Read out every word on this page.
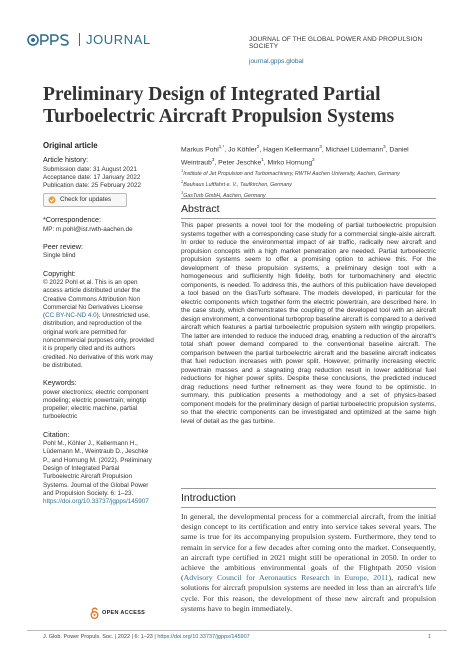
JOURNAL	JOURNAL OF THE GLOBAL POWER AND PROPULSION SOCIETY
journal.gpps.global
Preliminary Design of Integrated Partial Turboelectric Aircraft Propulsion Systems
Original article
Article history:
Submission date: 31 August 2021
Acceptance date: 17 January 2022
Publication date: 25 February 2022
Check for updates
*Correspondence:
MP: m.pohl@ist.rwth-aachen.de
Peer review:
Single blind
Copyright:
© 2022 Pohl et al. This is an open access article distributed under the Creative Commons Attribution Non Commercial No Derivatives License (CC BY-NC-ND 4.0). Unrestricted use, distribution, and reproduction of the original work are permitted for noncommercial purposes only, provided it is properly cited and its authors credited. No derivative of this work may be distributed.
Keywords:
power electronics; electric component modeling; electric powertrain; wingtip propeller; electric machine, partial turboelectric
Citation:
Pohl M., Köhler J., Kellermann H., Lüdemann M., Weintraub D., Jeschke P., and Hornung M. (2022). Preliminary Design of Integrated Partial Turboelectric Aircraft Propulsion Systems. Journal of the Global Power and Propulsion Society. 6: 1–23. https://doi.org/10.33737/jgpps/145907
OPEN ACCESS
Markus Pohl$^{1,*}$, Jo Köhler$^2$, Hagen Kellermann$^3$, Michael Lüdemann$^3$, Daniel Weintraub$^3$, Peter Jeschke$^1$, Mirko Hornung$^2$
$^1$Institute of Jet Propulsion and Turbomachinery, RWTH Aachen University, Aachen, Germany
$^2$Bauhaus Luftfahrt e. V., Taufkirchen, Germany
$^3$GasTurb GmbH, Aachen, Germany
Abstract

This paper presents a novel tool for the modeling of partial turboelectric propulsion systems together with a corresponding case study for a commercial single-aisle aircraft. In order to reduce the environmental impact of air traffic, radically new aircraft and propulsion concepts with a high market penetration are needed. Partial turboelectric propulsion systems seem to offer a promising option to achieve this. For the development of these propulsion systems, a preliminary design tool with a homogeneous and sufficiently high fidelity, both for turbomachinery and electric components, is needed. To address this, the authors of this publication have developed a tool based on the GasTurb software. The models developed, in particular for the electric components which together form the electric powertrain, are described here. In the case study, which demonstrates the coupling of the developed tool with an aircraft design environment, a conventional turboprop baseline aircraft is compared to a derived aircraft which features a partial turboelectric propulsion system with wingtip propellers. The latter are intended to reduce the induced drag, enabling a reduction of the aircraft's total shaft power demand compared to the conventional baseline aircraft. The comparison between the partial turboelectric aircraft and the baseline aircraft indicates that fuel reduction increases with power split. However, primarily increasing electric powertrain masses and a stagnating drag reduction result in lower additional fuel reductions for higher power splits. Despite these conclusions, the predicted induced drag reductions need further refinement as they were found to be optimistic. In summary, this publication presents a methodology and a set of physics-based component models for the preliminary design of partial turboelectric propulsion systems, so that the electric components can be investigated and optimized at the same high level of detail as the gas turbine.

Introduction

In general, the developmental process for a commercial aircraft, from the initial design concept to its certification and entry into service takes several years. The same is true for its accompanying propulsion system. Furthermore, they tend to remain in service for a few decades after coming onto the market. Consequently, an aircraft type certified in 2021 might still be operational in 2050. In order to achieve the ambitious environmental goals of the Flightpath 2050 vision (Advisory Council for Aeronautics Research in Europe, 2011), radical new solutions for aircraft propulsion systems are needed in less than an aircraft's life cycle. For this reason, the development of these new aircraft and propulsion systems have to begin immediately.

J. Glob. Power Propuls. Soc. | 2022 | 6: 1–23 | https://doi.org/10.33737/jgpps/145907	1
